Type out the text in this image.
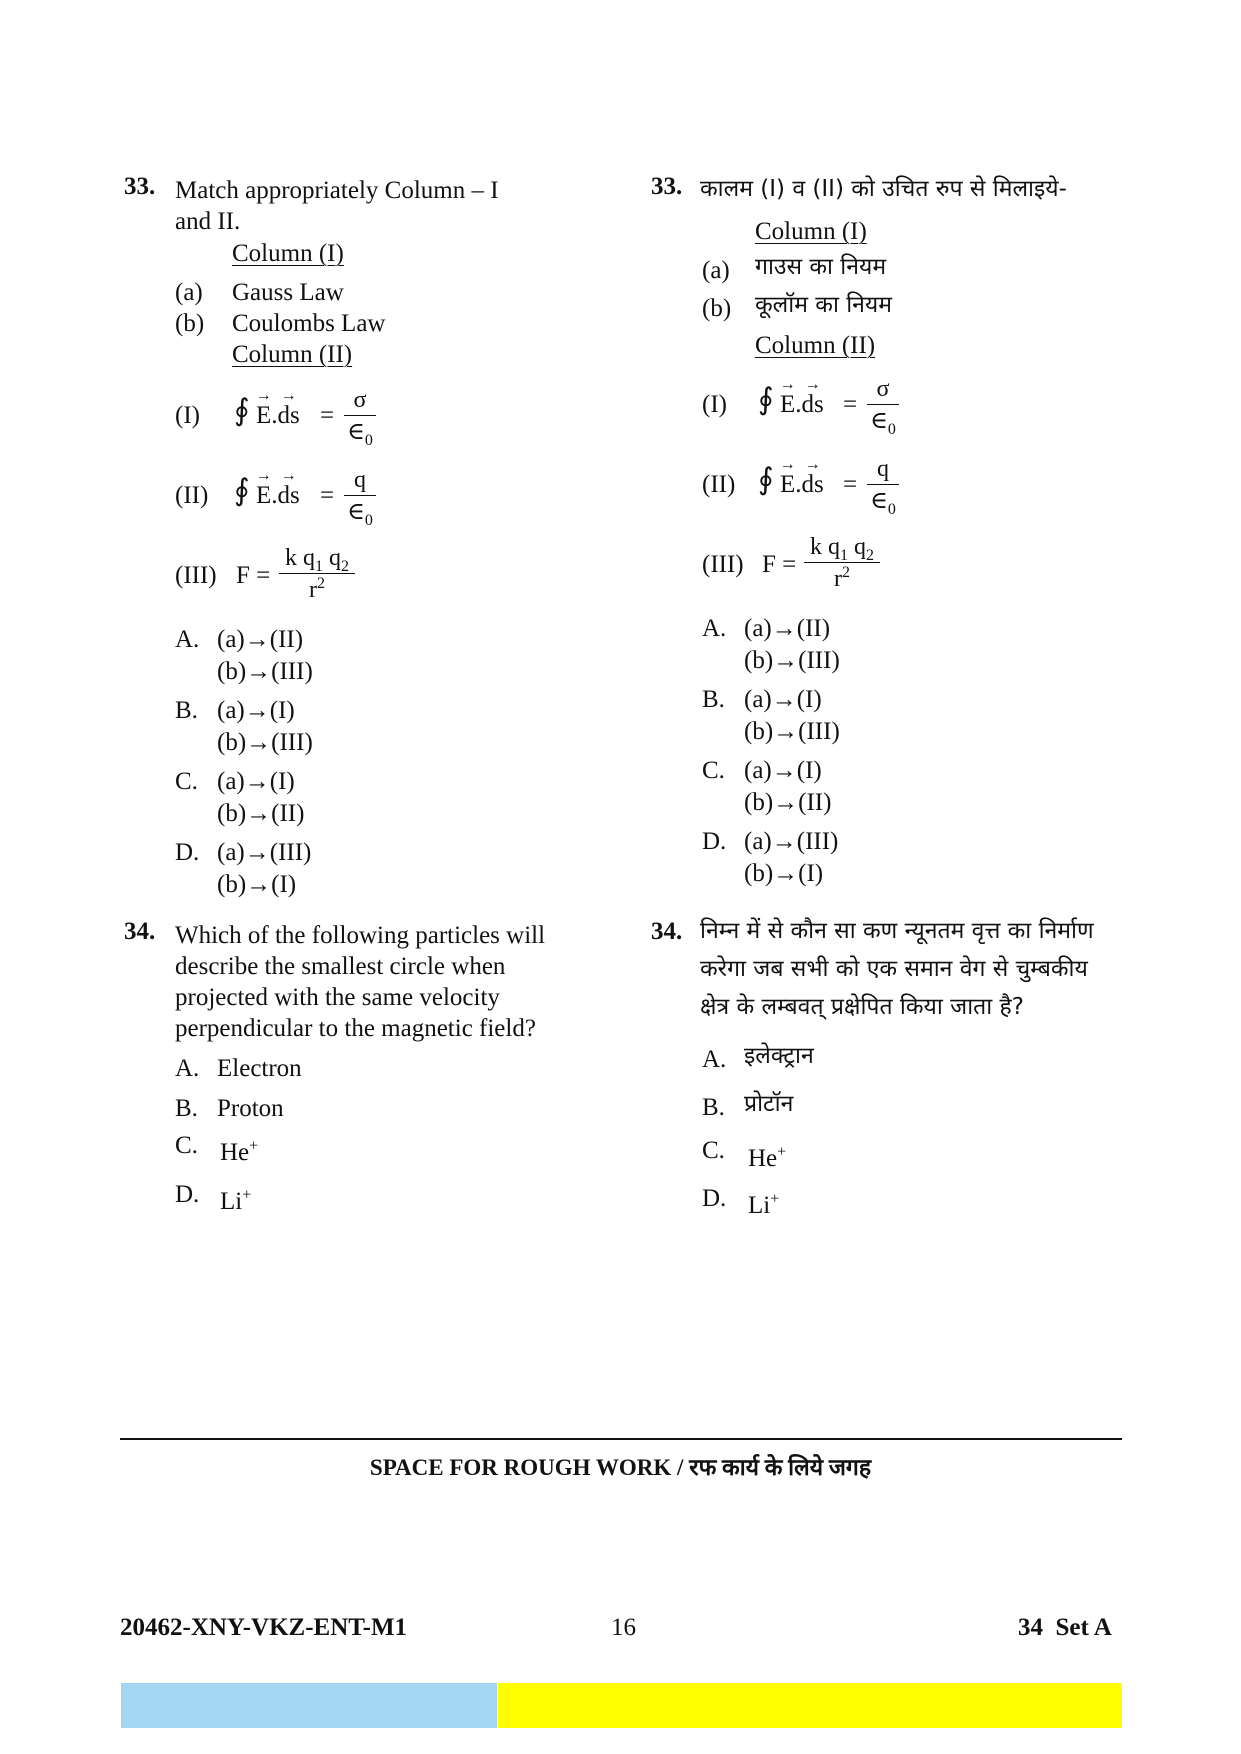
33. Match appropriately Column – I
and II.
Column (I)
(a) Gauss Law
(b) Coulombs Law
Column (II)
(I) ∮ → E.→ ds =
σ
$\in_0$
(II) ∮ → E.→ ds =
q
$\in_0$
(III) F =
k $q_1$ $q_2$
$r^2$
A. (a)→(II)
(b)→(III)
B. (a)→(I)
(b)→(III)
C. (a)→(I)
(b)→(II)
D. (a)→(III)
(b)→(I)
34. Which of the following particles will
describe the smallest circle when
projected with the same velocity
perpendicular to the magnetic field?
A. Electron
B. Proton
C. He+
D. Li+
33. कालम (I) व (II) को उचित रुप से मिलाइये-
Column (I)
(a) गाउस का नियम
(b) कूलॉम का नियम
Column (II)
(I) ∮ → E.→ ds =
σ
$\in_0$
(II) ∮ → E.→ ds =
q
$\in_0$
(III) F =
k $q_1$ $q_2$
$r^2$
A. (a)→(II)
(b)→(III)
B. (a)→(I)
(b)→(III)
C. (a)→(I)
(b)→(II)
D. (a)→(III)
(b)→(I)
34. निम्न में से कौन सा कण न्यूनतम वृत्त का निर्माण
करेगा जब सभी को एक समान वेग से चुम्बकीय
क्षेत्र के लम्बवत् प्रक्षेपित किया जाता है?
A. इलेक्ट्रान
B. प्रोटॉन
C. He+
D. Li+
SPACE FOR ROUGH WORK / रफ कार्य के लिये जगह
20462-XNY-VKZ-ENT-M1	16	34 Set A
